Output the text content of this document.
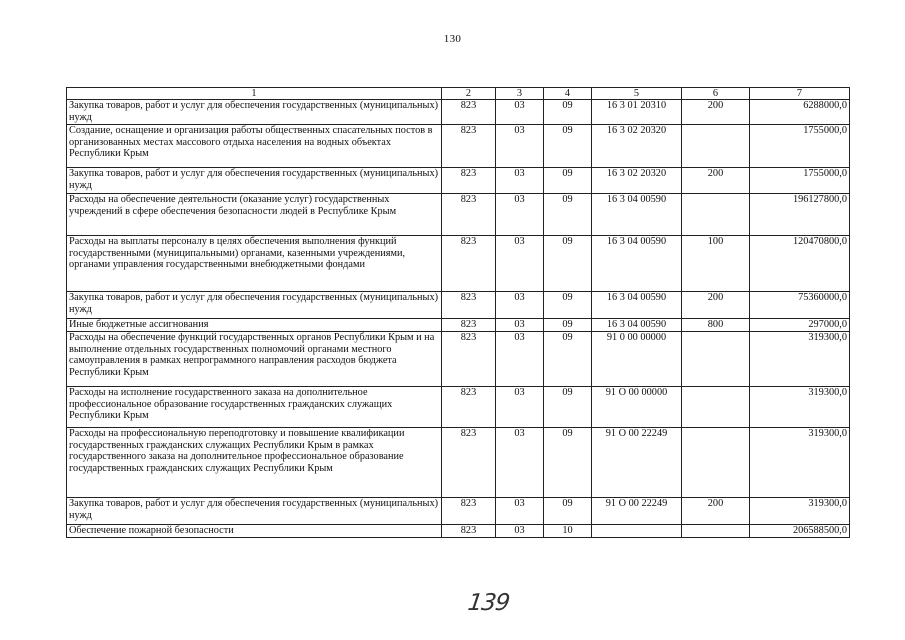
130
1	2	3	4	5	6	7
Закупка товаров, работ и услуг для обеспечения государственных (муниципальных) нужд	823	03	09	16 3 01 20310	200	6288000,0
Создание, оснащение и организация работы общественных спасательных постов в организованных местах массового отдыха населения на водных объектах Республики Крым	823	03	09	16 3 02 20320		1755000,0
Закупка товаров, работ и услуг для обеспечения государственных (муниципальных) нужд	823	03	09	16 3 02 20320	200	1755000,0
Расходы на обеспечение деятельности (оказание услуг) государственных учреждений в сфере обеспечения безопасности людей в Республике Крым	823	03	09	16 3 04 00590		196127800,0
Расходы на выплаты персоналу в целях обеспечения выполнения функций государственными (муниципальными) органами, казенными учреждениями, органами управления государственными внебюджетными фондами	823	03	09	16 3 04 00590	100	120470800,0
Закупка товаров, работ и услуг для обеспечения государственных (муниципальных) нужд	823	03	09	16 3 04 00590	200	75360000,0
Иные бюджетные ассигнования	823	03	09	16 3 04 00590	800	297000,0
Расходы на обеспечение функций государственных органов Республики Крым и на выполнение отдельных государственных полномочий органами местного самоуправления в рамках непрограммного направления расходов бюджета Республики Крым	823	03	09	91 0 00 00000		319300,0
Расходы на исполнение государственного заказа на дополнительное профессиональное образование государственных гражданских служащих Республики Крым	823	03	09	91 О 00 00000		319300,0
Расходы на профессиональную переподготовку и повышение квалификации государственных гражданских служащих Республики Крым в рамках государственного заказа на дополнительное профессиональное образование государственных гражданских служащих Республики Крым	823	03	09	91 О 00 22249		319300,0
Закупка товаров, работ и услуг для обеспечения государственных (муниципальных) нужд	823	03	09	91 О 00 22249	200	319300,0
Обеспечение пожарной безопасности	823	03	10			206588500,0
139
